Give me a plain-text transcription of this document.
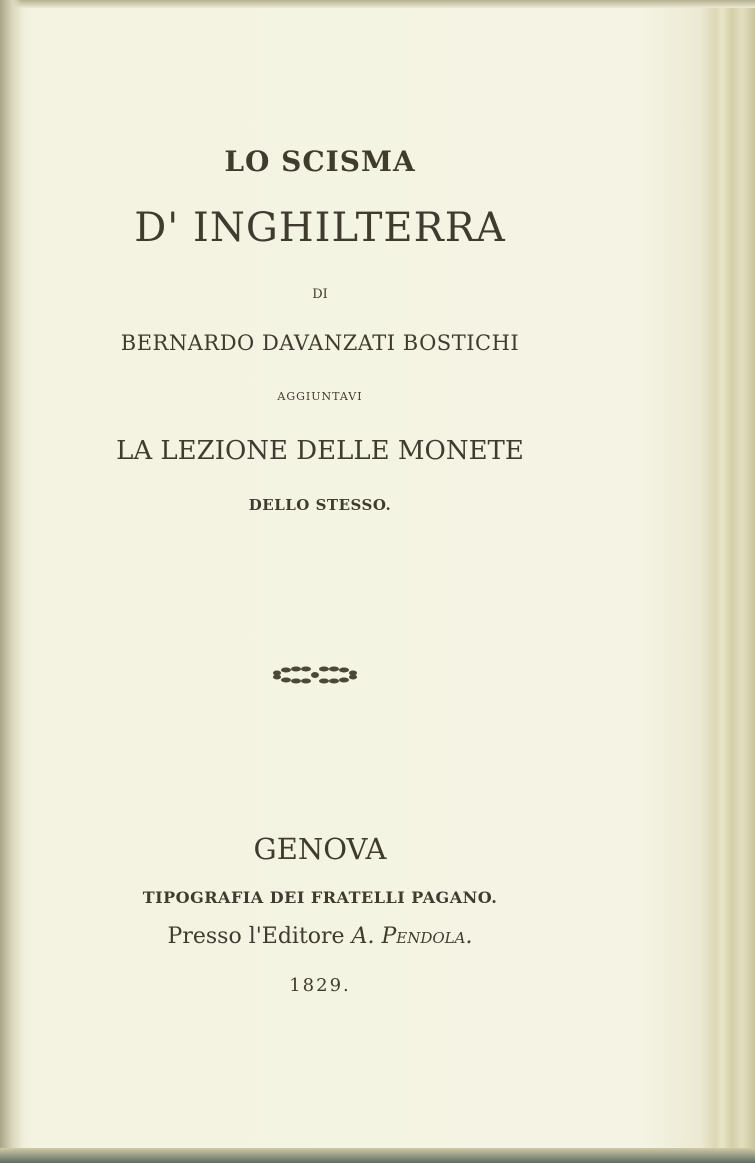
LO SCISMA
D' INGHILTERRA
DI
BERNARDO DAVANZATI BOSTICHI
AGGIUNTAVI
LA LEZIONE DELLE MONETE
DELLO STESSO.
GENOVA
TIPOGRAFIA DEI FRATELLI PAGANO.
Presso l'Editore A. Pendola.
1829.
